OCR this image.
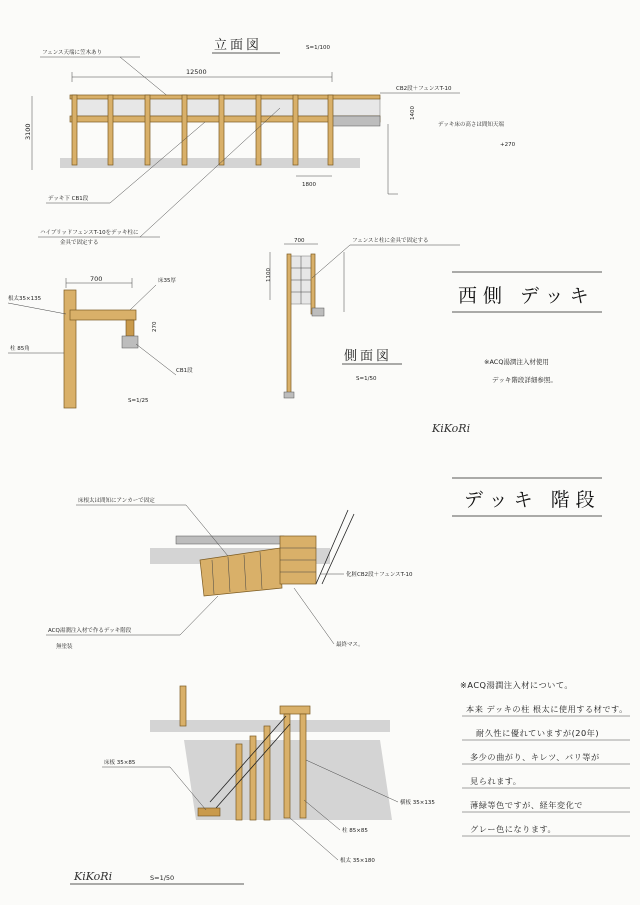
立面図	S=1/100
フェンス天端に笠木あり
12500
3100
CB2段＋フェンスT-10
1400
デッキ床の高さは間知天端
+270
1800
デッキ下 CB1段
ハイブリッドフェンスT-10をデッキ柱に
金具で固定する
700	床35厚
根太35×135
270
柱 85角
CB1段
S=1/25
700
1100
フェンスと柱に金具で固定する
側面図
S=1/50
西側 デッキ
※ACQ湯潤注入材使用
デッキ階段詳細参照。
KiKoRi
デッキ 階段
床根太は間知にアンカーで固定
化粧CB2段＋フェンスT-10
ACQ湯潤注入材で作るデッキ階段
無塗装	最終マス。
床板 35×85
横板 35×135
柱 85×85
根太 35×180
※ACQ湯潤注入材について。
本来 デッキの柱 根太に使用する材です。
耐久性に優れていますが(20年)
多少の曲がり、キレツ、バリ等が
見られます。
薄緑等色ですが、経年変化で
グレー色になります。
KiKoRi	S=1/50
